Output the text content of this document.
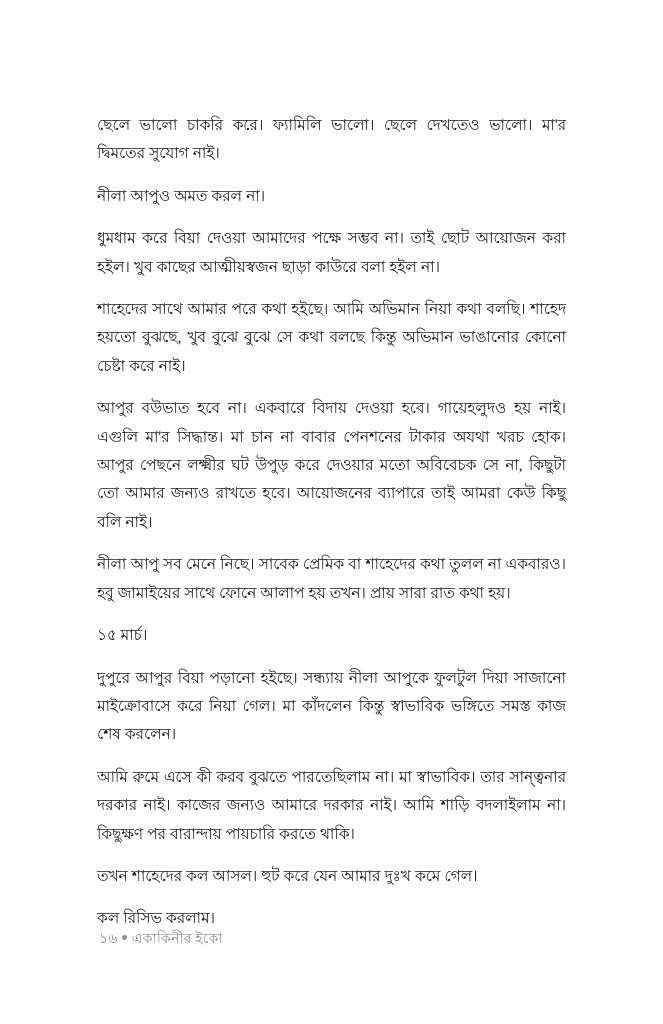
ছেলে ভালো চাকরি করে। ফ্যামিলি ভালো। ছেলে দেখতেও ভালো। মা'র দ্বিমতের সুযোগ নাই।

নীলা আপুও অমত করল না।

ধুমধাম করে বিয়া দেওয়া আমাদের পক্ষে সম্ভব না। তাই ছোট আয়োজন করা হইল। খুব কাছের আত্মীয়স্বজন ছাড়া কাউরে বলা হইল না।

শাহেদের সাথে আমার পরে কথা হইছে। আমি অভিমান নিয়া কথা বলছি। শাহেদ হয়তো বুঝছে, খুব বুঝে বুঝে সে কথা বলছে কিন্তু অভিমান ভাঙানোর কোনো চেষ্টা করে নাই।

আপুর বউভাত হবে না। একবারে বিদায় দেওয়া হবে। গায়েহলুদও হয় নাই। এগুলি মা'র সিদ্ধান্ত। মা চান না বাবার পেনশনের টাকার অযথা খরচ হোক। আপুর পেছনে লক্ষ্মীর ঘট উপুড় করে দেওয়ার মতো অবিবেচক সে না, কিছুটা তো আমার জন্যও রাখতে হবে। আয়োজনের ব্যাপারে তাই আমরা কেউ কিছু বলি নাই।

নীলা আপু সব মেনে নিছে। সাবেক প্রেমিক বা শাহেদের কথা তুলল না একবারও। হবু জামাইয়ের সাথে ফোনে আলাপ হয় তখন। প্রায় সারা রাত কথা হয়।

১৫ মার্চ।

দুপুরে আপুর বিয়া পড়ানো হইছে। সন্ধ্যায় নীলা আপুকে ফুলটুল দিয়া সাজানো মাইক্রোবাসে করে নিয়া গেল। মা কাঁদলেন কিন্তু স্বাভাবিক ভঙ্গিতে সমস্ত কাজ শেষ করলেন।

আমি রুমে এসে কী করব বুঝতে পারতেছিলাম না। মা স্বাভাবিক। তার সান্ত্বনার দরকার নাই। কাজের জন্যও আমারে দরকার নাই। আমি শাড়ি বদলাইলাম না। কিছুক্ষণ পর বারান্দায় পায়চারি করতে থাকি।

তখন শাহেদের কল আসল। হুট করে যেন আমার দুঃখ কমে গেল।

কল রিসিভ করলাম।

১৬ একাকিনীর ইকো
